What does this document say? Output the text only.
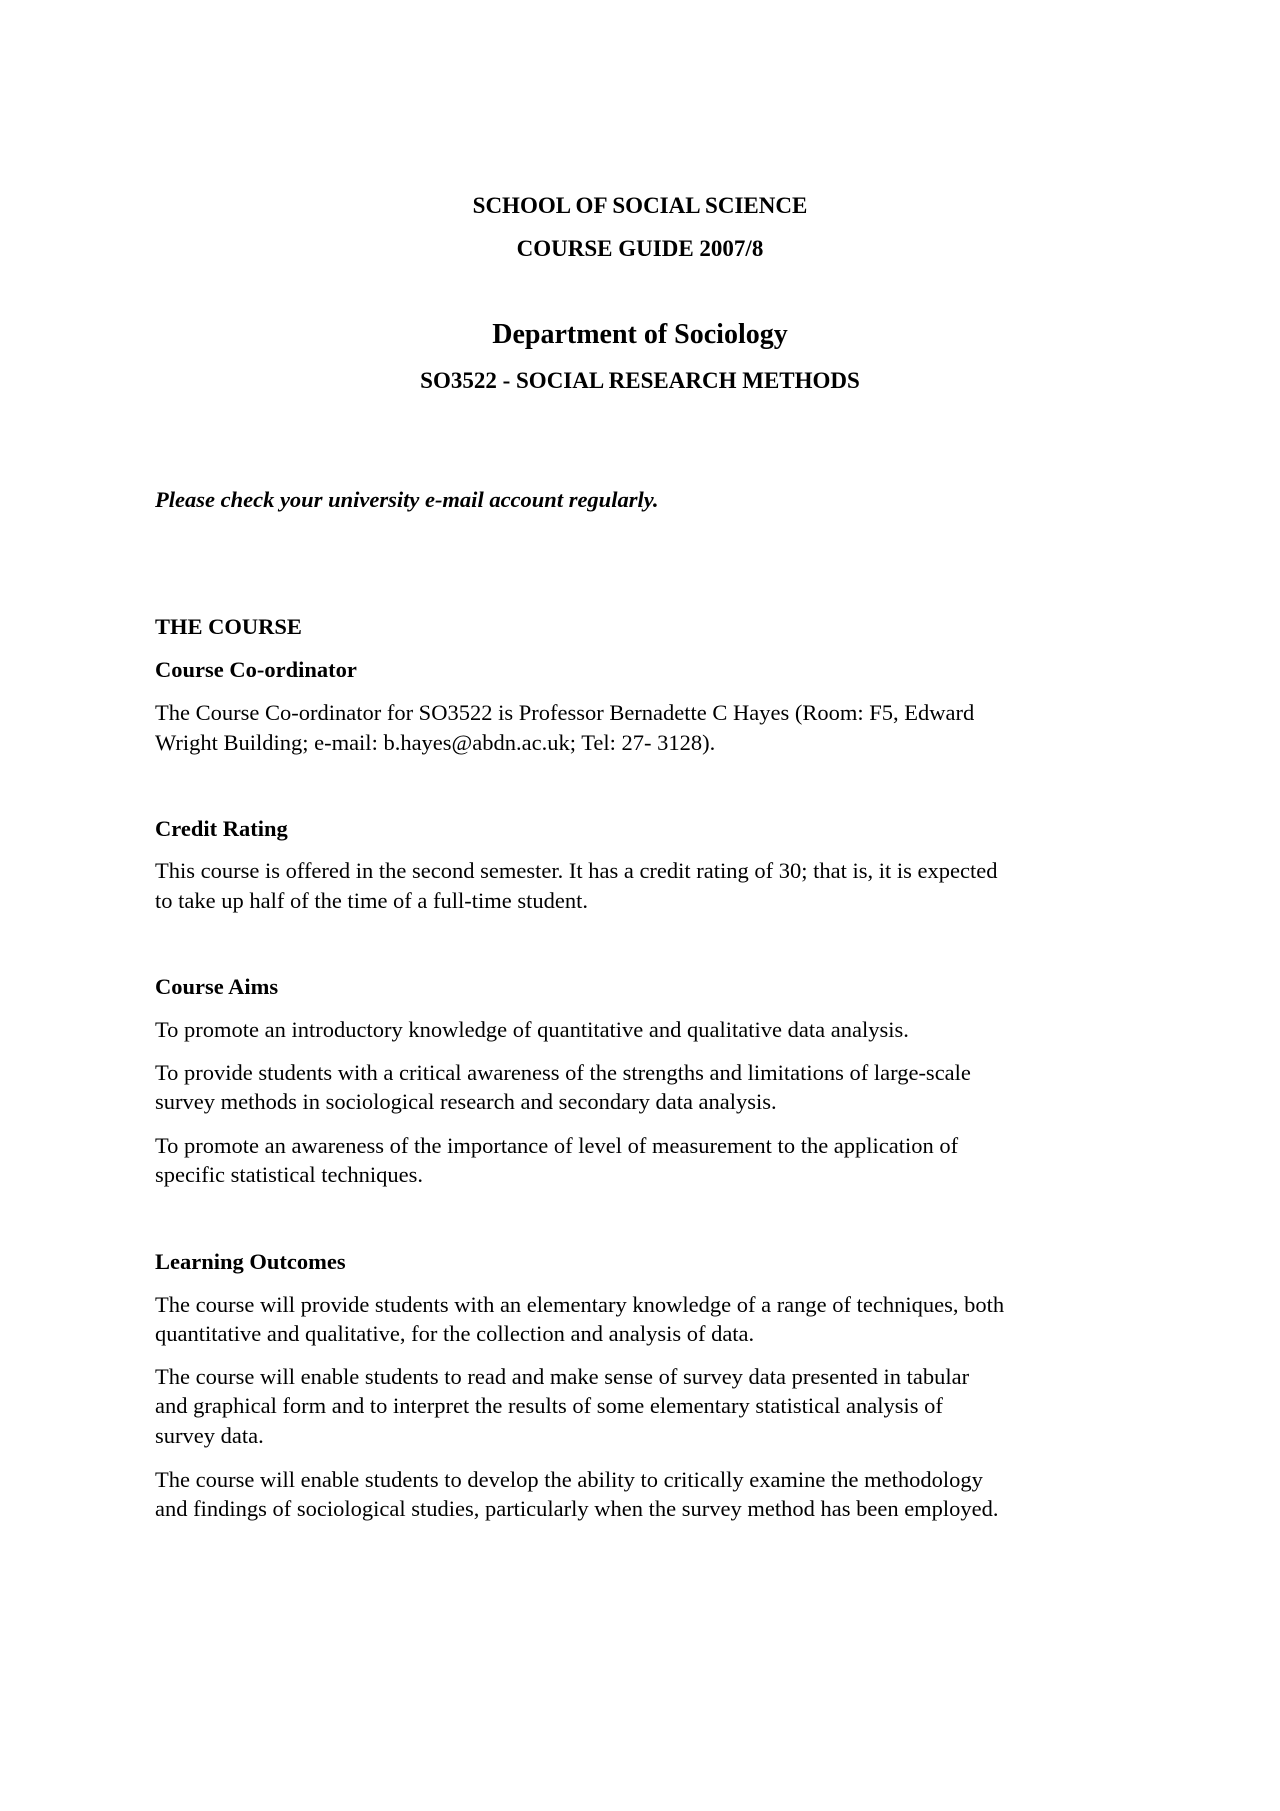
SCHOOL OF SOCIAL SCIENCE
COURSE GUIDE 2007/8
Department of Sociology
SO3522 - SOCIAL RESEARCH METHODS
Please check your university e-mail account regularly.
THE COURSE
Course Co-ordinator
The Course Co-ordinator for SO3522 is Professor Bernadette C Hayes (Room: F5, Edward
Wright Building; e-mail: b.hayes@abdn.ac.uk; Tel: 27- 3128).
Credit Rating
This course is offered in the second semester. It has a credit rating of 30; that is, it is expected
to take up half of the time of a full-time student.
Course Aims
To promote an introductory knowledge of quantitative and qualitative data analysis.
To provide students with a critical awareness of the strengths and limitations of large-scale
survey methods in sociological research and secondary data analysis.
To promote an awareness of the importance of level of measurement to the application of
specific statistical techniques.
Learning Outcomes
The course will provide students with an elementary knowledge of a range of techniques, both
quantitative and qualitative, for the collection and analysis of data.
The course will enable students to read and make sense of survey data presented in tabular
and graphical form and to interpret the results of some elementary statistical analysis of
survey data.
The course will enable students to develop the ability to critically examine the methodology
and findings of sociological studies, particularly when the survey method has been employed.
